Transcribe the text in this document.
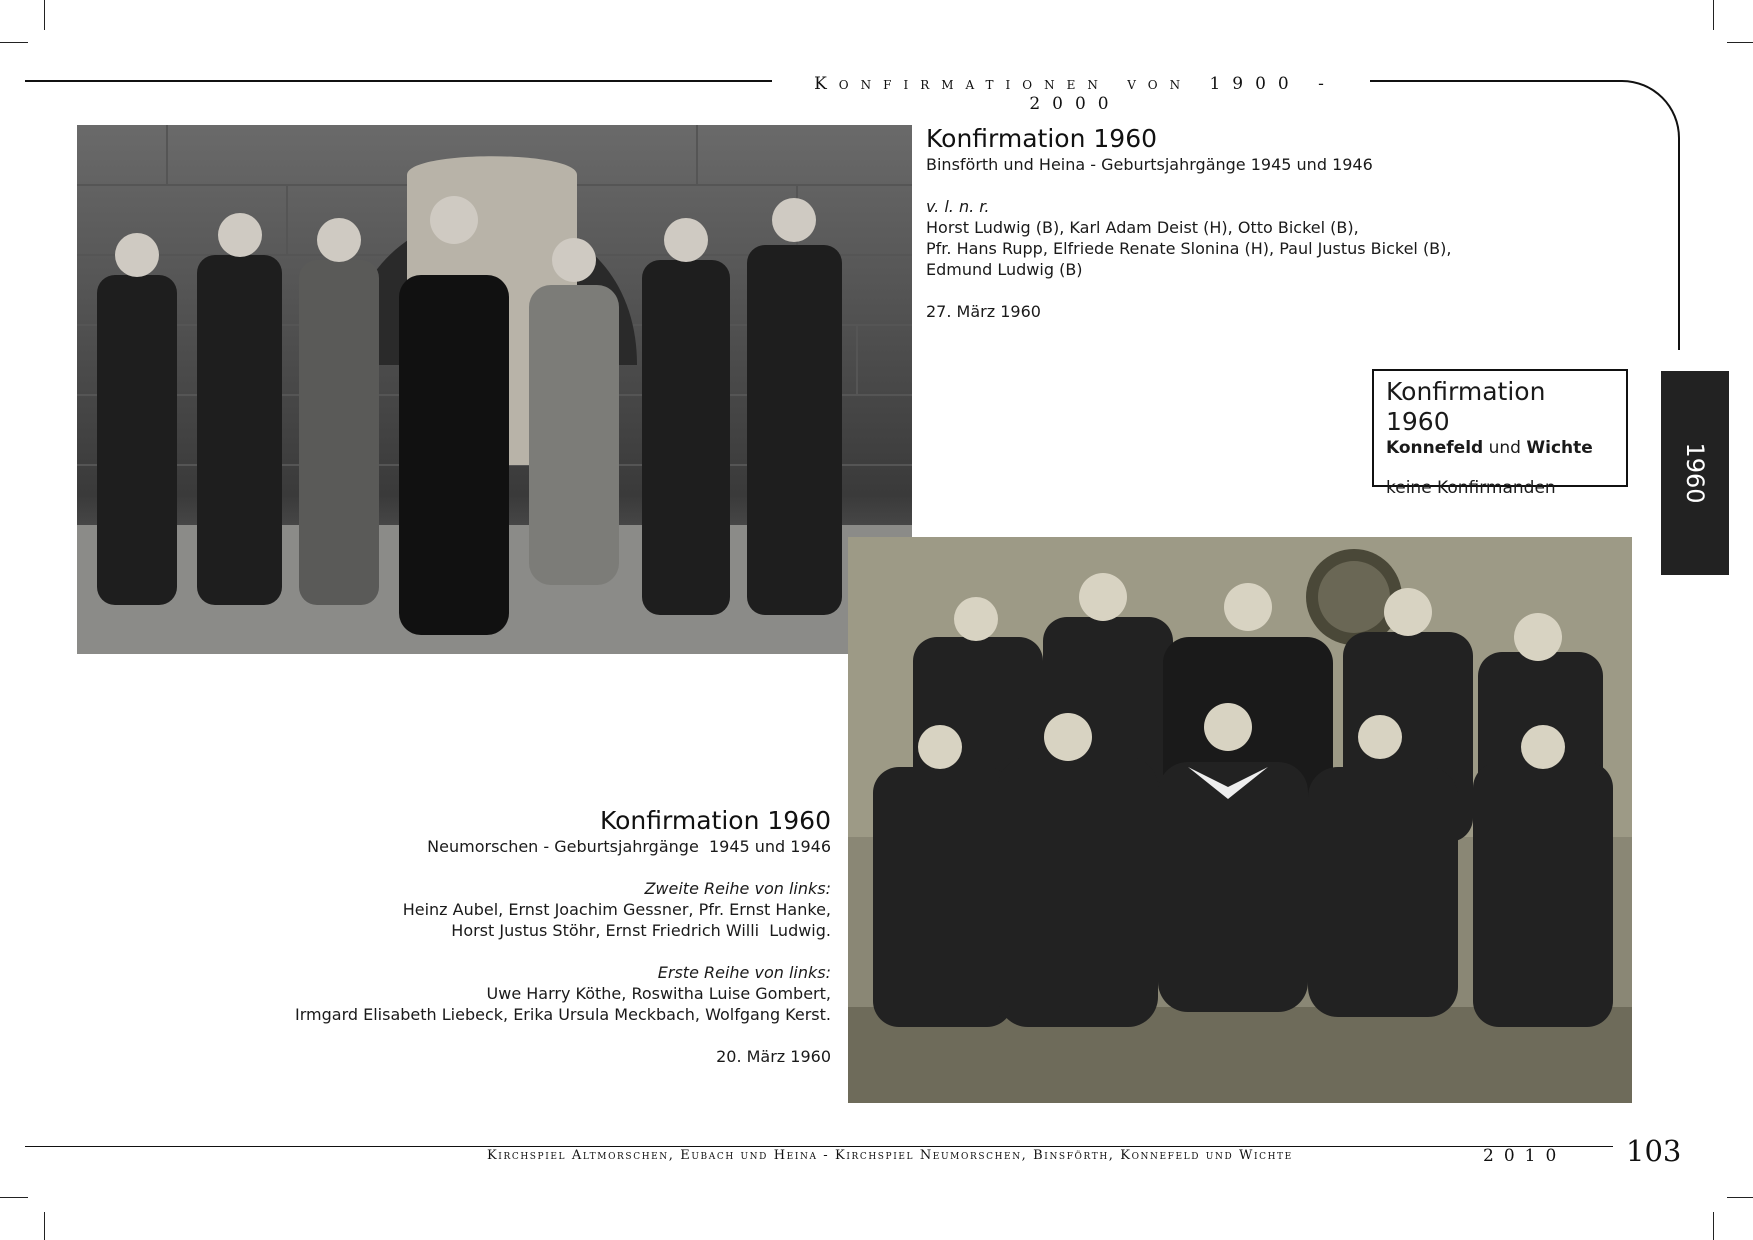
Konfirmationen von 1900 - 2000
1960
Konfirmation 1960

Binsförth und Heina - Geburtsjahrgänge 1945 und 1946

v. l. n. r.

Horst Ludwig (B), Karl Adam Deist (H), Otto Bickel (B),

Pfr. Hans Rupp, Elfriede Renate Slonina (H), Paul Justus Bickel (B),

Edmund Ludwig (B)

27. März 1960

Konfirmation 1960

Konnefeld und Wichte

keine Konfirmanden

Konfirmation 1960

Neumorschen - Geburtsjahrgänge  1945 und 1946

Zweite Reihe von links:

Heinz Aubel, Ernst Joachim Gessner, Pfr. Ernst Hanke,

Horst Justus Stöhr, Ernst Friedrich Willi  Ludwig.

Erste Reihe von links:

Uwe Harry Köthe, Roswitha Luise Gombert,

Irmgard Elisabeth Liebeck, Erika Ursula Meckbach, Wolfgang Kerst.

20. März 1960

Kirchspiel Altmorschen, Eubach und Heina - Kirchspiel Neumorschen, Binsförth, Konnefeld und Wichte	2010 103
